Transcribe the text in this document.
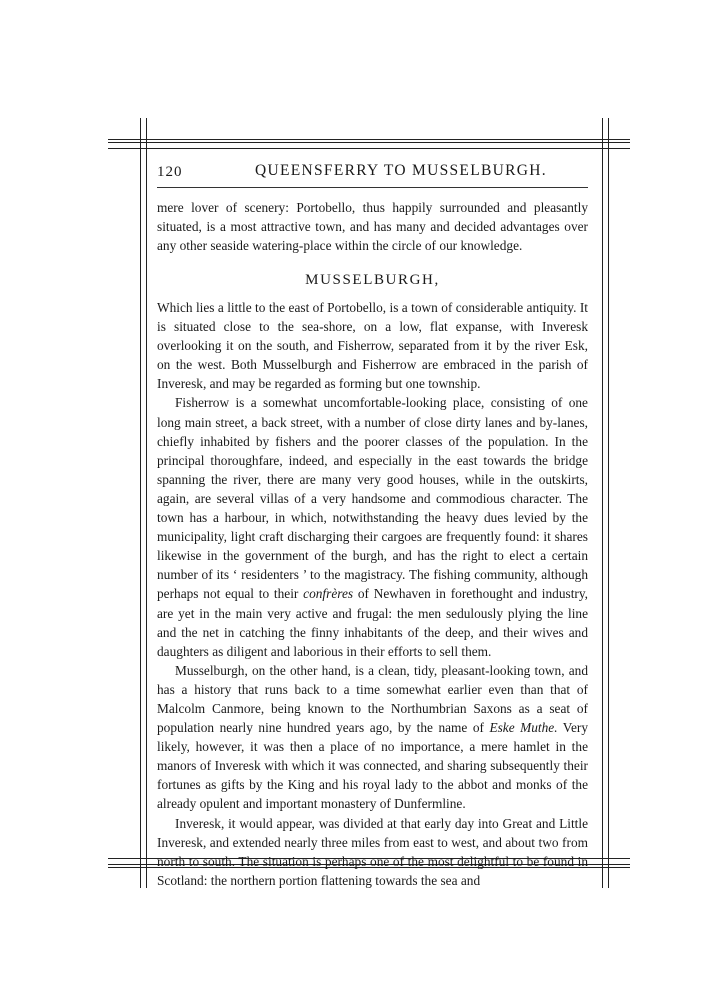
120	QUEENSFERRY TO MUSSELBURGH.

mere lover of scenery: Portobello, thus happily surrounded and pleasantly situated, is a most attractive town, and has many and decided advantages over any other seaside watering-place within the circle of our knowledge.

MUSSELBURGH,

Which lies a little to the east of Portobello, is a town of considerable antiquity. It is situated close to the sea-shore, on a low, flat expanse, with Inveresk overlooking it on the south, and Fisherrow, separated from it by the river Esk, on the west. Both Musselburgh and Fisherrow are embraced in the parish of Inveresk, and may be regarded as forming but one township.

Fisherrow is a somewhat uncomfortable-looking place, consisting of one long main street, a back street, with a number of close dirty lanes and by-lanes, chiefly inhabited by fishers and the poorer classes of the population. In the principal thoroughfare, indeed, and especially in the east towards the bridge spanning the river, there are many very good houses, while in the outskirts, again, are several villas of a very handsome and commodious character. The town has a harbour, in which, notwithstanding the heavy dues levied by the municipality, light craft discharging their cargoes are frequently found: it shares likewise in the government of the burgh, and has the right to elect a certain number of its ‘ residenters ’ to the magistracy. The fishing community, although perhaps not equal to their confrères of Newhaven in forethought and industry, are yet in the main very active and frugal: the men sedulously plying the line and the net in catching the finny inhabitants of the deep, and their wives and daughters as diligent and laborious in their efforts to sell them.

Musselburgh, on the other hand, is a clean, tidy, pleasant-looking town, and has a history that runs back to a time somewhat earlier even than that of Malcolm Canmore, being known to the Northumbrian Saxons as a seat of population nearly nine hundred years ago, by the name of Eske Muthe. Very likely, however, it was then a place of no importance, a mere hamlet in the manors of Inveresk with which it was connected, and sharing subsequently their fortunes as gifts by the King and his royal lady to the abbot and monks of the already opulent and important monastery of Dunfermline.

Inveresk, it would appear, was divided at that early day into Great and Little Inveresk, and extended nearly three miles from east to west, and about two from north to south. The situation is perhaps one of the most delightful to be found in Scotland: the northern portion flattening towards the sea and
